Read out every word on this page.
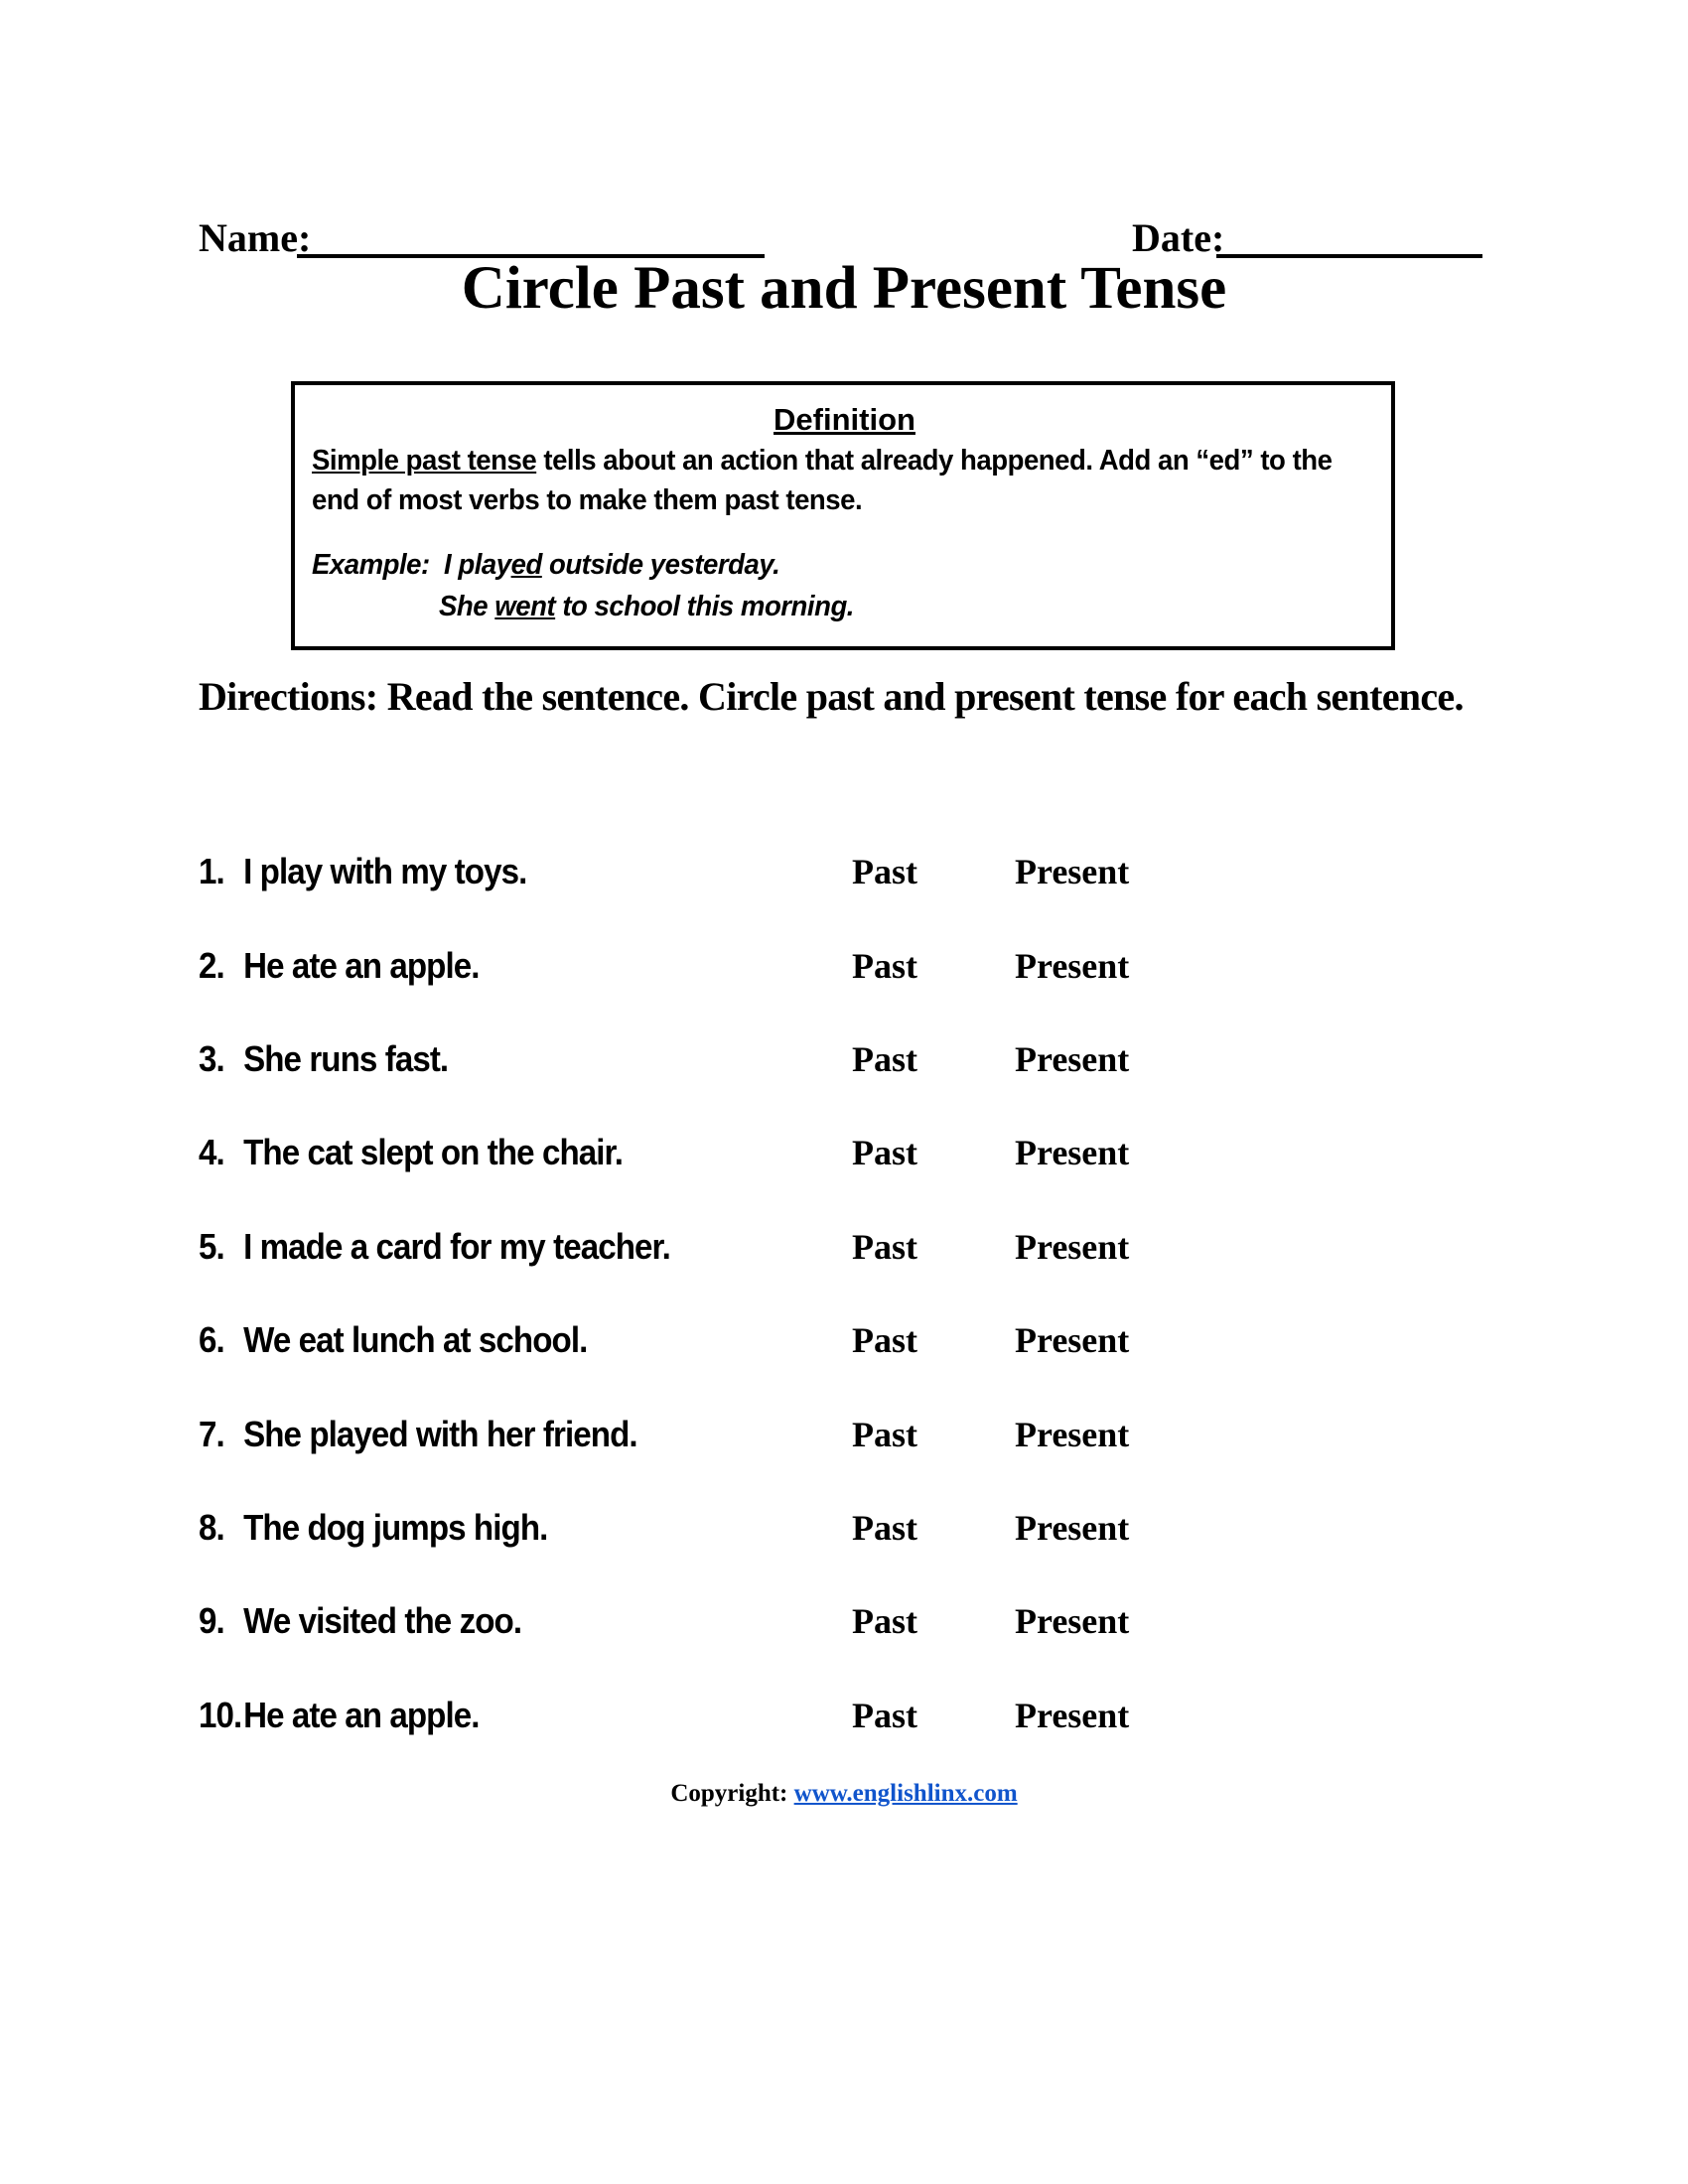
Name:	Date:
Circle Past and Present Tense
Definition
Simple past tense tells about an action that already happened. Add an “ed” to the
end of most verbs to make them past tense.
Example: I played outside yesterday.
She went to school this morning.
Directions: Read the sentence. Circle past and present tense for each sentence.
1. I play with my toys.	Past	Present
2. He ate an apple.	Past	Present
3. She runs fast.	Past	Present
4. The cat slept on the chair.	Past	Present
5. I made a card for my teacher.	Past	Present
6. We eat lunch at school.	Past	Present
7. She played with her friend.	Past	Present
8. The dog jumps high.	Past	Present
9. We visited the zoo.	Past	Present
10.He ate an apple.	Past	Present
Copyright: www.englishlinx.com
